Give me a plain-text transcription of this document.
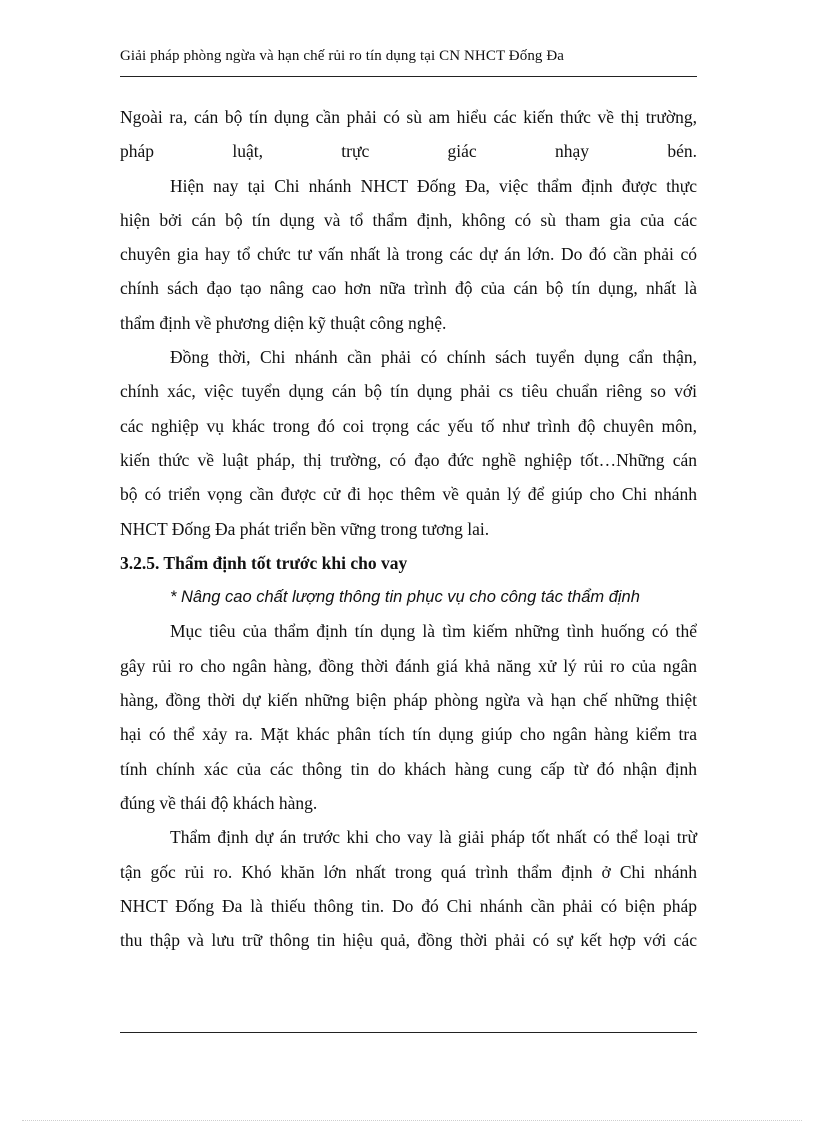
Giải pháp phòng ngừa và hạn chế rủi ro tín dụng tại CN NHCT Đống Đa
Ngoài ra, cán bộ tín dụng cần phải có sù am hiểu các kiến thức về thị trường,
pháp luật, trực giác nhạy bén.
Hiện nay tại Chi nhánh NHCT Đống Đa, việc thẩm định được thực
hiện bởi cán bộ tín dụng và tổ thẩm định, không có sù tham gia của các
chuyên gia hay tổ chức tư vấn nhất là trong các dự án lớn. Do đó cần phải có
chính sách đạo tạo nâng cao hơn nữa trình độ của cán bộ tín dụng, nhất là
thẩm định về phương diện kỹ thuật công nghệ.
Đồng thời, Chi nhánh cần phải có chính sách tuyển dụng cẩn thận,
chính xác, việc tuyển dụng cán bộ tín dụng phải cs tiêu chuẩn riêng so với
các nghiệp vụ khác trong đó coi trọng các yếu tố như trình độ chuyên môn,
kiến thức về luật pháp, thị trường, có đạo đức nghề nghiệp tốt…Những cán
bộ có triển vọng cần được cử đi học thêm về quản lý để giúp cho Chi nhánh
NHCT Đống Đa phát triển bền vững trong tương lai.
3.2.5. Thẩm định tốt trước khi cho vay
* Nâng cao chất lượng thông tin phục vụ cho công tác thẩm định
Mục tiêu của thẩm định tín dụng là tìm kiếm những tình huống có thể
gây rủi ro cho ngân hàng, đồng thời đánh giá khả năng xử lý rủi ro của ngân
hàng, đồng thời dự kiến những biện pháp phòng ngừa và hạn chế những thiệt
hại có thể xảy ra. Mặt khác phân tích tín dụng giúp cho ngân hàng kiểm tra
tính chính xác của các thông tin do khách hàng cung cấp từ đó nhận định
đúng về thái độ khách hàng.
Thẩm định dự án trước khi cho vay là giải pháp tốt nhất có thể loại trừ
tận gốc rủi ro. Khó khăn lớn nhất trong quá trình thẩm định ở Chi nhánh
NHCT Đống Đa là thiếu thông tin. Do đó Chi nhánh cần phải có biện pháp
thu thập và lưu trữ thông tin hiệu quả, đồng thời phải có sự kết hợp với các
